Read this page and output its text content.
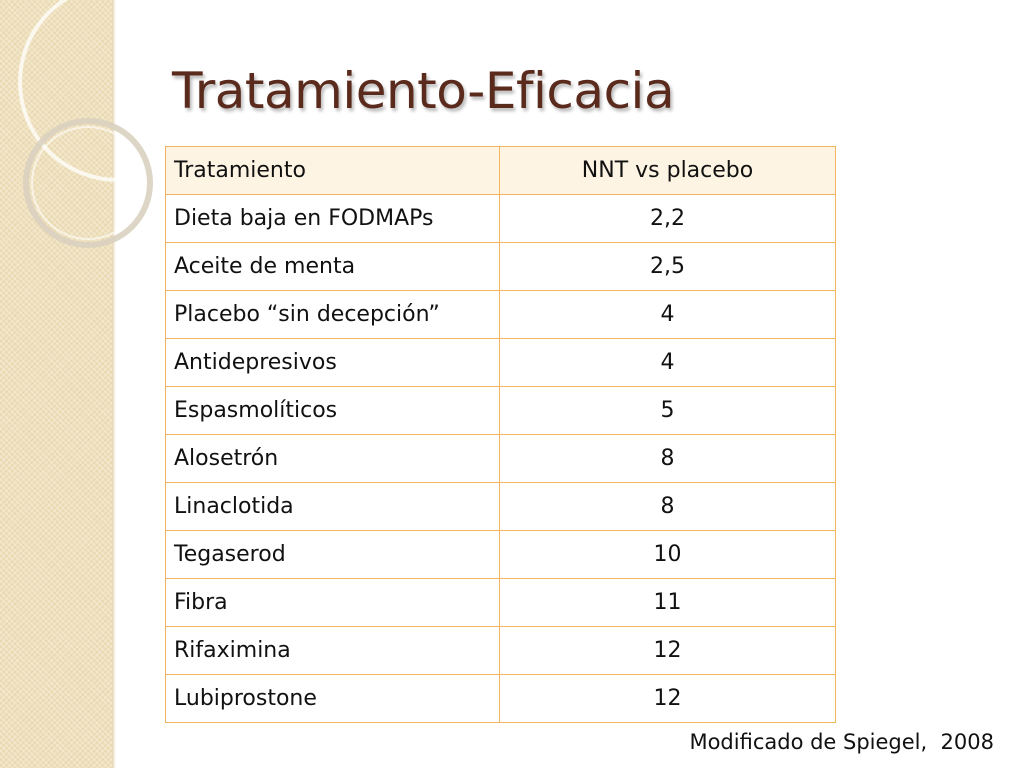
Tratamiento-Eficacia
Tratamiento	NNT vs placebo
Dieta baja en FODMAPs	2,2
Aceite de menta	2,5
Placebo “sin decepción”	4
Antidepresivos	4
Espasmolíticos	5
Alosetrón	8
Linaclotida	8
Tegaserod	10
Fibra	11
Rifaximina	12
Lubiprostone	12
Modificado de Spiegel,  2008
